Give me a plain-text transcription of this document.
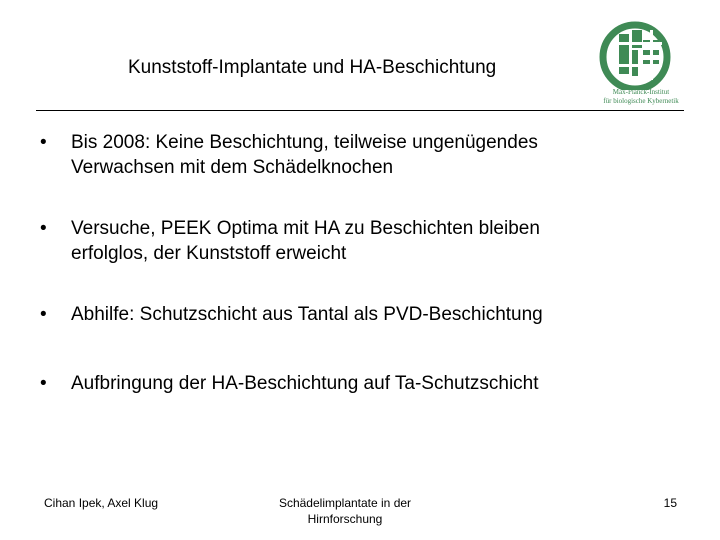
Kunststoff-Implantate und HA-Beschichtung
Max-Planck-Institut
für biologische Kybernetik
• Bis 2008: Keine Beschichtung, teilweise ungenügendes
Verwachsen mit dem Schädelknochen
• Versuche, PEEK Optima mit HA zu Beschichten bleiben
erfolglos, der Kunststoff erweicht
• Abhilfe: Schutzschicht aus Tantal als PVD-Beschichtung
• Aufbringung der HA-Beschichtung auf Ta-Schutzschicht
Cihan Ipek, Axel Klug	Schädelimplantate in der
Hirnforschung
15
